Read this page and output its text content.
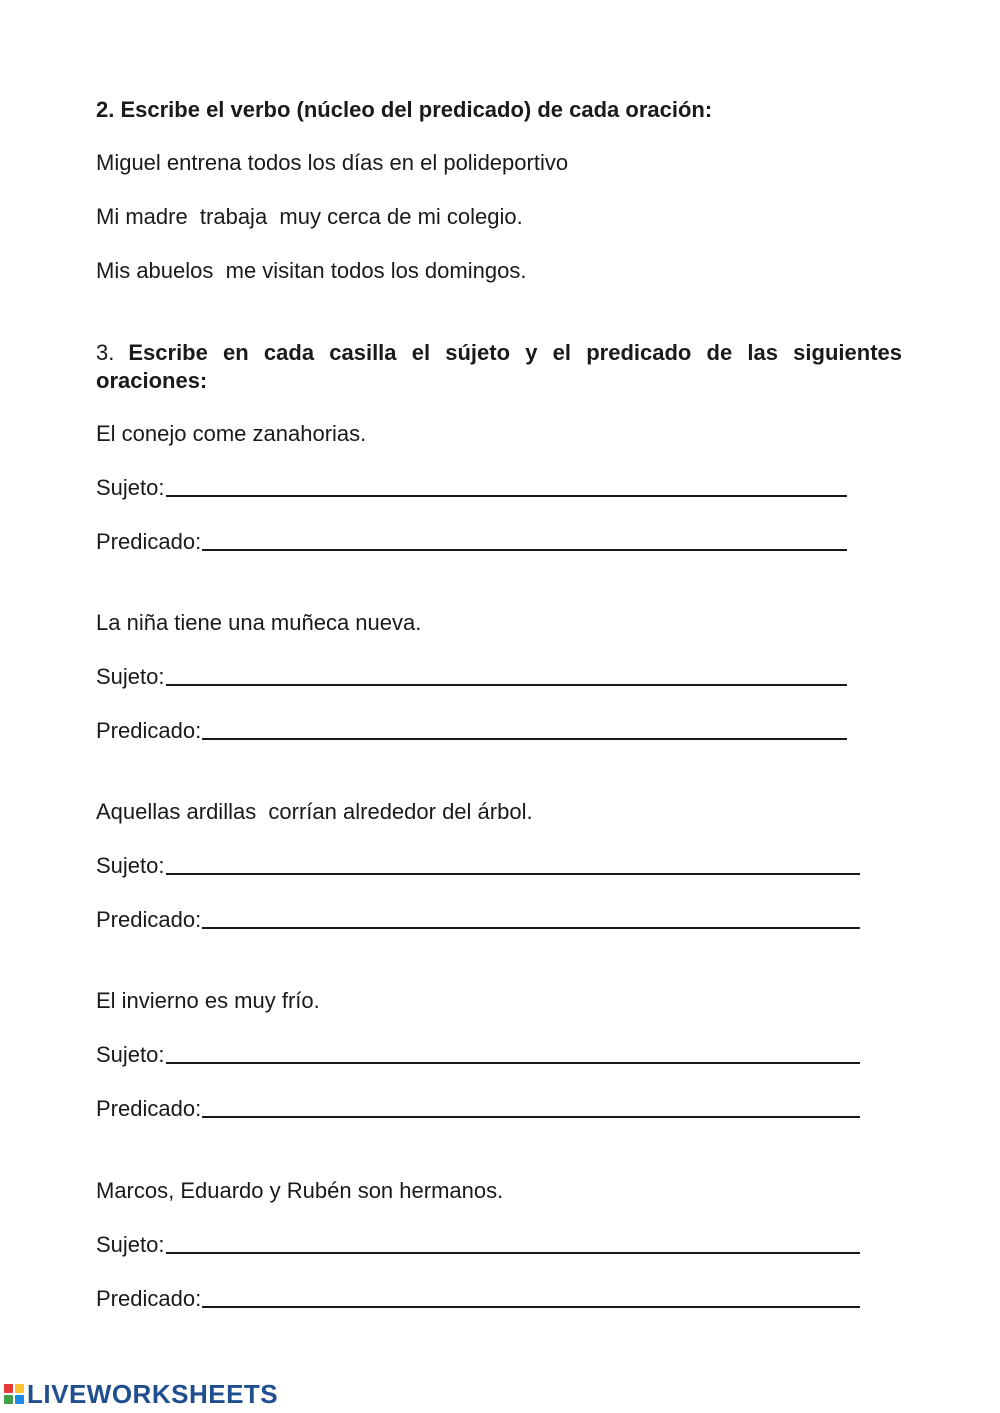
2. Escribe el verbo (núcleo del predicado) de cada oración:

Miguel entrena todos los días en el polideportivo

Mi madre  trabaja  muy cerca de mi colegio.

Mis abuelos  me visitan todos los domingos.

3. Escribe en cada casilla el sújeto y el predicado de las siguientes oraciones:

El conejo come zanahorias.

Sujeto:
Predicado:

La niña tiene una muñeca nueva.

Sujeto:
Predicado:

Aquellas ardillas  corrían alrededor del árbol.

Sujeto:
Predicado:

El invierno es muy frío.

Sujeto:
Predicado:

Marcos, Eduardo y Rubén son hermanos.

Sujeto:
Predicado:
LIVEWORKSHEETS
